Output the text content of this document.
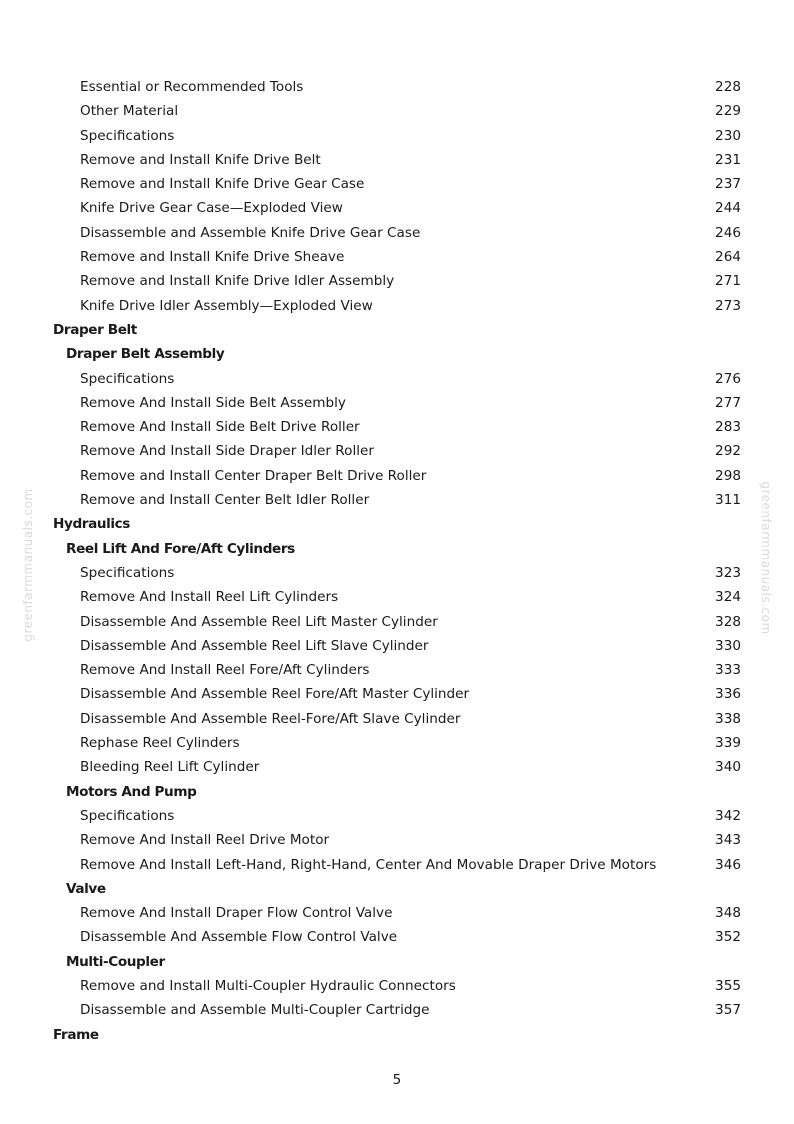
Essential or Recommended Tools	228
Other Material	229
Specifications	230
Remove and Install Knife Drive Belt	231
Remove and Install Knife Drive Gear Case	237
Knife Drive Gear Case—Exploded View	244
Disassemble and Assemble Knife Drive Gear Case	246
Remove and Install Knife Drive Sheave	264
Remove and Install Knife Drive Idler Assembly	271
Knife Drive Idler Assembly—Exploded View	273
Draper Belt
Draper Belt Assembly
Specifications	276
Remove And Install Side Belt Assembly	277
Remove And Install Side Belt Drive Roller	283
Remove And Install Side Draper Idler Roller	292
Remove and Install Center Draper Belt Drive Roller	298
Remove and Install Center Belt Idler Roller	311
Hydraulics
Reel Lift And Fore/Aft Cylinders
Specifications	323
Remove And Install Reel Lift Cylinders	324
Disassemble And Assemble Reel Lift Master Cylinder	328
Disassemble And Assemble Reel Lift Slave Cylinder	330
Remove And Install Reel Fore/Aft Cylinders	333
Disassemble And Assemble Reel Fore/Aft Master Cylinder	336
Disassemble And Assemble Reel-Fore/Aft Slave Cylinder	338
Rephase Reel Cylinders	339
Bleeding Reel Lift Cylinder	340
Motors And Pump
Specifications	342
Remove And Install Reel Drive Motor	343
Remove And Install Left-Hand, Right-Hand, Center And Movable Draper Drive Motors	346
Valve
Remove And Install Draper Flow Control Valve	348
Disassemble And Assemble Flow Control Valve	352
Multi-Coupler
Remove and Install Multi-Coupler Hydraulic Connectors	355
Disassemble and Assemble Multi-Coupler Cartridge	357
Frame
greenfarmmanuals.com	greenfarmmanuals.com
5
